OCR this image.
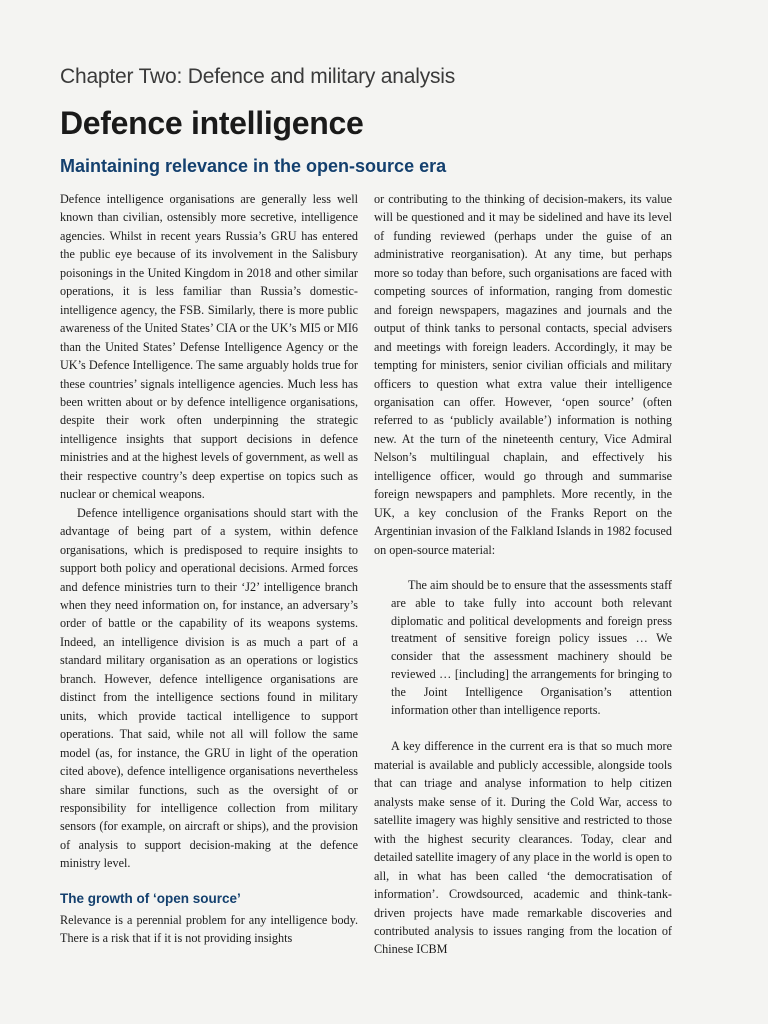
Chapter Two: Defence and military analysis
Defence intelligence
Maintaining relevance in the open-source era

Defence intelligence organisations are generally less well known than civilian, ostensibly more secretive, intelligence agencies. Whilst in recent years Russia’s GRU has entered the public eye because of its involvement in the Salisbury poisonings in the United Kingdom in 2018 and other similar operations, it is less familiar than Russia’s domestic-intelligence agency, the FSB. Similarly, there is more public awareness of the United States’ CIA or the UK’s MI5 or MI6 than the United States’ Defense Intelligence Agency or the UK’s Defence Intelligence. The same arguably holds true for these countries’ signals intelligence agencies. Much less has been written about or by defence intelligence organisations, despite their work often underpinning the strategic intelligence insights that support decisions in defence ministries and at the highest levels of government, as well as their respective country’s deep expertise on topics such as nuclear or chemical weapons.

Defence intelligence organisations should start with the advantage of being part of a system, within defence organisations, which is predisposed to require insights to support both policy and operational decisions. Armed forces and defence ministries turn to their ‘J2’ intelligence branch when they need information on, for instance, an adversary’s order of battle or the capability of its weapons systems. Indeed, an intelligence division is as much a part of a standard military organisation as an operations or logistics branch. However, defence intelligence organisations are distinct from the intelligence sections found in military units, which provide tactical intelligence to support operations. That said, while not all will follow the same model (as, for instance, the GRU in light of the operation cited above), defence intelligence organisations nevertheless share similar functions, such as the oversight of or responsibility for intelligence collection from military sensors (for example, on aircraft or ships), and the provision of analysis to support decision-making at the defence ministry level.

The growth of ‘open source’

Relevance is a perennial problem for any intelligence body. There is a risk that if it is not providing insights

or contributing to the thinking of decision-makers, its value will be questioned and it may be sidelined and have its level of funding reviewed (perhaps under the guise of an administrative reorganisation). At any time, but perhaps more so today than before, such organisations are faced with competing sources of information, ranging from domestic and foreign newspapers, magazines and journals and the output of think tanks to personal contacts, special advisers and meetings with foreign leaders. Accordingly, it may be tempting for ministers, senior civilian officials and military officers to question what extra value their intelligence organisation can offer. However, ‘open source’ (often referred to as ‘publicly available’) information is nothing new. At the turn of the nineteenth century, Vice Admiral Nelson’s multilingual chaplain, and effectively his intelligence officer, would go through and summarise foreign newspapers and pamphlets. More recently, in the UK, a key conclusion of the Franks Report on the Argentinian invasion of the Falkland Islands in 1982 focused on open-source material:

The aim should be to ensure that the assessments staff are able to take fully into account both relevant diplomatic and political developments and foreign press treatment of sensitive foreign policy issues … We consider that the assessment machinery should be reviewed … [including] the arrangements for bringing to the Joint Intelligence Organisation’s attention information other than intelligence reports.

A key difference in the current era is that so much more material is available and publicly accessible, alongside tools that can triage and analyse information to help citizen analysts make sense of it. During the Cold War, access to satellite imagery was highly sensitive and restricted to those with the highest security clearances. Today, clear and detailed satellite imagery of any place in the world is open to all, in what has been called ‘the democratisation of information’. Crowdsourced, academic and think-tank-driven projects have made remarkable discoveries and contributed analysis to issues ranging from the location of Chinese ICBM
